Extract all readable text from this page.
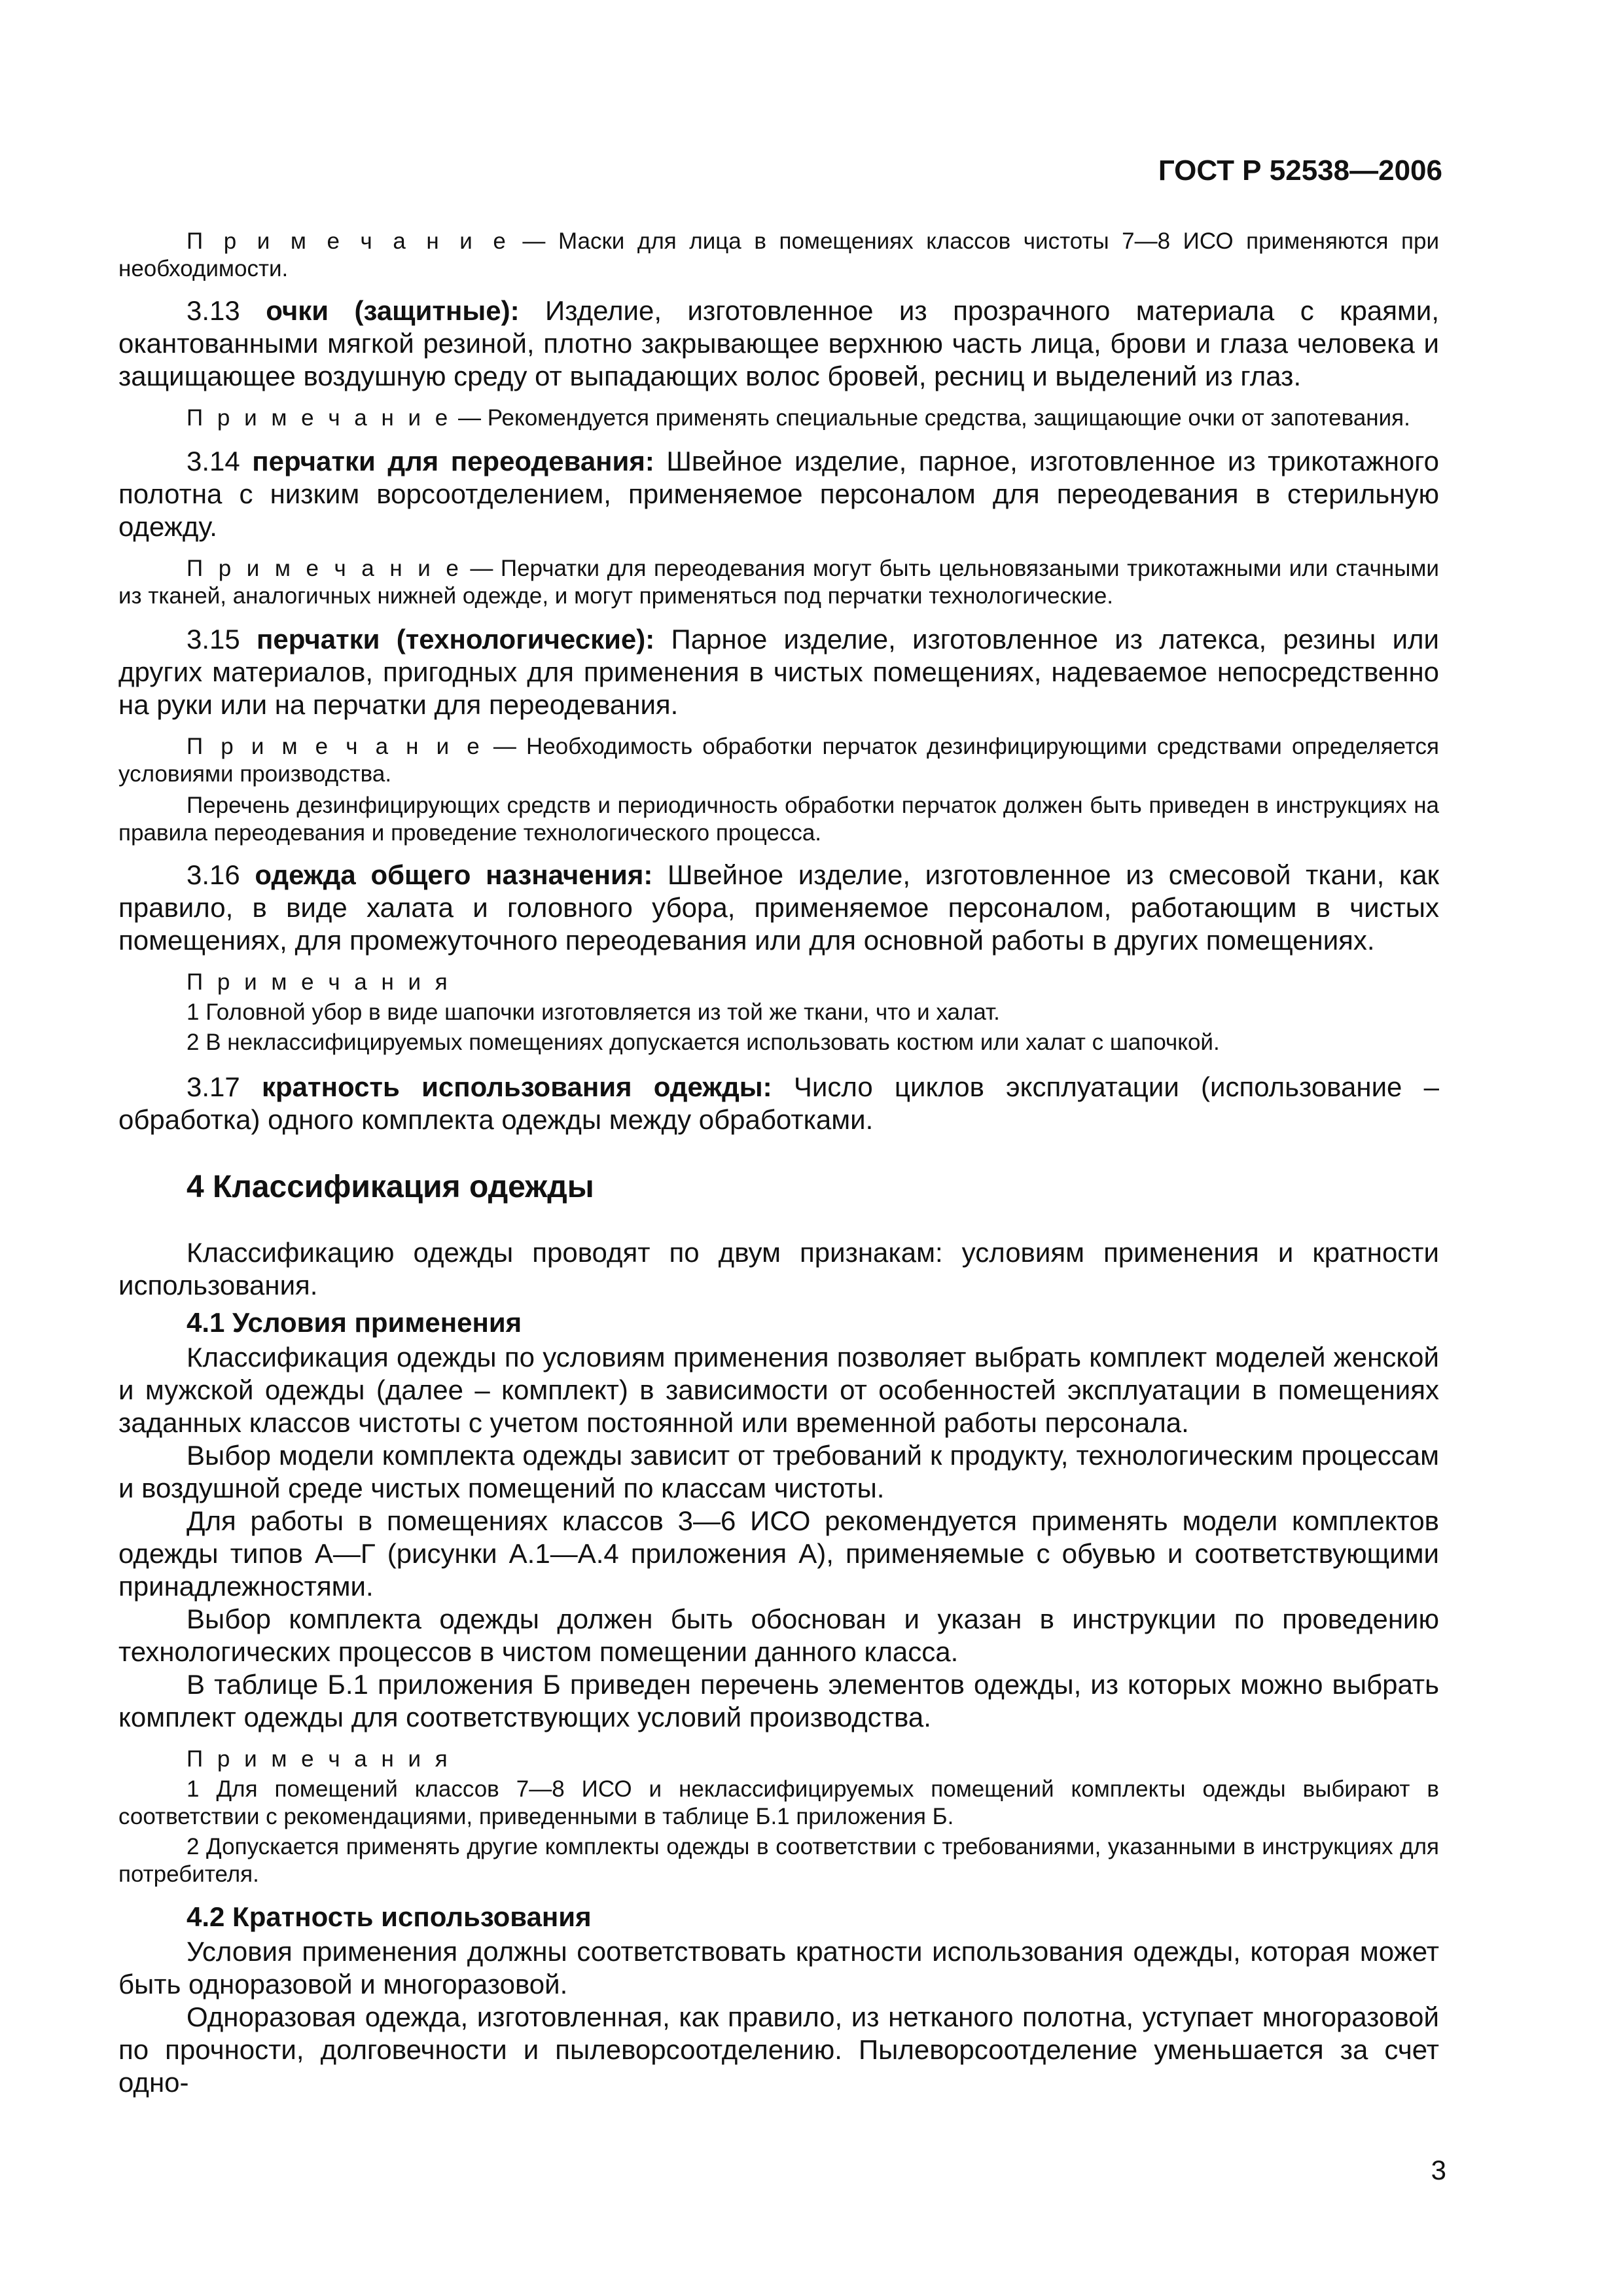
ГОСТ Р 52538—2006

П р и м е ч а н и е — Маски для лица в помещениях классов чистоты 7—8 ИСО применяются при необходимости.

3.13 очки (защитные): Изделие, изготовленное из прозрачного материала с краями, окантованными мягкой резиной, плотно закрывающее верхнюю часть лица, брови и глаза человека и защищающее воздушную среду от выпадающих волос бровей, ресниц и выделений из глаз.

П р и м е ч а н и е — Рекомендуется применять специальные средства, защищающие очки от запотевания.

3.14 перчатки для переодевания: Швейное изделие, парное, изготовленное из трикотажного полотна с низким ворсоотделением, применяемое персоналом для переодевания в стерильную одежду.

П р и м е ч а н и е — Перчатки для переодевания могут быть цельновязаными трикотажными или стачными из тканей, аналогичных нижней одежде, и могут применяться под перчатки технологические.

3.15 перчатки (технологические): Парное изделие, изготовленное из латекса, резины или других материалов, пригодных для применения в чистых помещениях, надеваемое непосредственно на руки или на перчатки для переодевания.

П р и м е ч а н и е — Необходимость обработки перчаток дезинфицирующими средствами определяется условиями производства.

Перечень дезинфицирующих средств и периодичность обработки перчаток должен быть приведен в инструкциях на правила переодевания и проведение технологического процесса.

3.16 одежда общего назначения: Швейное изделие, изготовленное из смесовой ткани, как правило, в виде халата и головного убора, применяемое персоналом, работающим в чистых помещениях, для промежуточного переодевания или для основной работы в других помещениях.

П р и м е ч а н и я

1 Головной убор в виде шапочки изготовляется из той же ткани, что и халат.

2 В неклассифицируемых помещениях допускается использовать костюм или халат с шапочкой.

3.17 кратность использования одежды: Число циклов эксплуатации (использование – обработка) одного комплекта одежды между обработками.

4 Классификация одежды

Классификацию одежды проводят по двум признакам: условиям применения и кратности использования.

4.1 Условия применения

Классификация одежды по условиям применения позволяет выбрать комплект моделей женской и мужской одежды (далее – комплект) в зависимости от особенностей эксплуатации в помещениях заданных классов чистоты с учетом постоянной или временной работы персонала.

Выбор модели комплекта одежды зависит от требований к продукту, технологическим процессам и воздушной среде чистых помещений по классам чистоты.

Для работы в помещениях классов 3—6 ИСО рекомендуется применять модели комплектов одежды типов А—Г (рисунки А.1—А.4 приложения А), применяемые с обувью и соответствующими принадлежностями.

Выбор комплекта одежды должен быть обоснован и указан в инструкции по проведению технологических процессов в чистом помещении данного класса.

В таблице Б.1 приложения Б приведен перечень элементов одежды, из которых можно выбрать комплект одежды для соответствующих условий производства.

П р и м е ч а н и я

1 Для помещений классов 7—8 ИСО и неклассифицируемых помещений комплекты одежды выбирают в соответствии с рекомендациями, приведенными в таблице Б.1 приложения Б.

2 Допускается применять другие комплекты одежды в соответствии с требованиями, указанными в инструкциях для потребителя.

4.2 Кратность использования

Условия применения должны соответствовать кратности использования одежды, которая может быть одноразовой и многоразовой.

Одноразовая одежда, изготовленная, как правило, из нетканого полотна, уступает многоразовой по прочности, долговечности и пылеворсоотделению. Пылеворсоотделение уменьшается за счет одно-

3
